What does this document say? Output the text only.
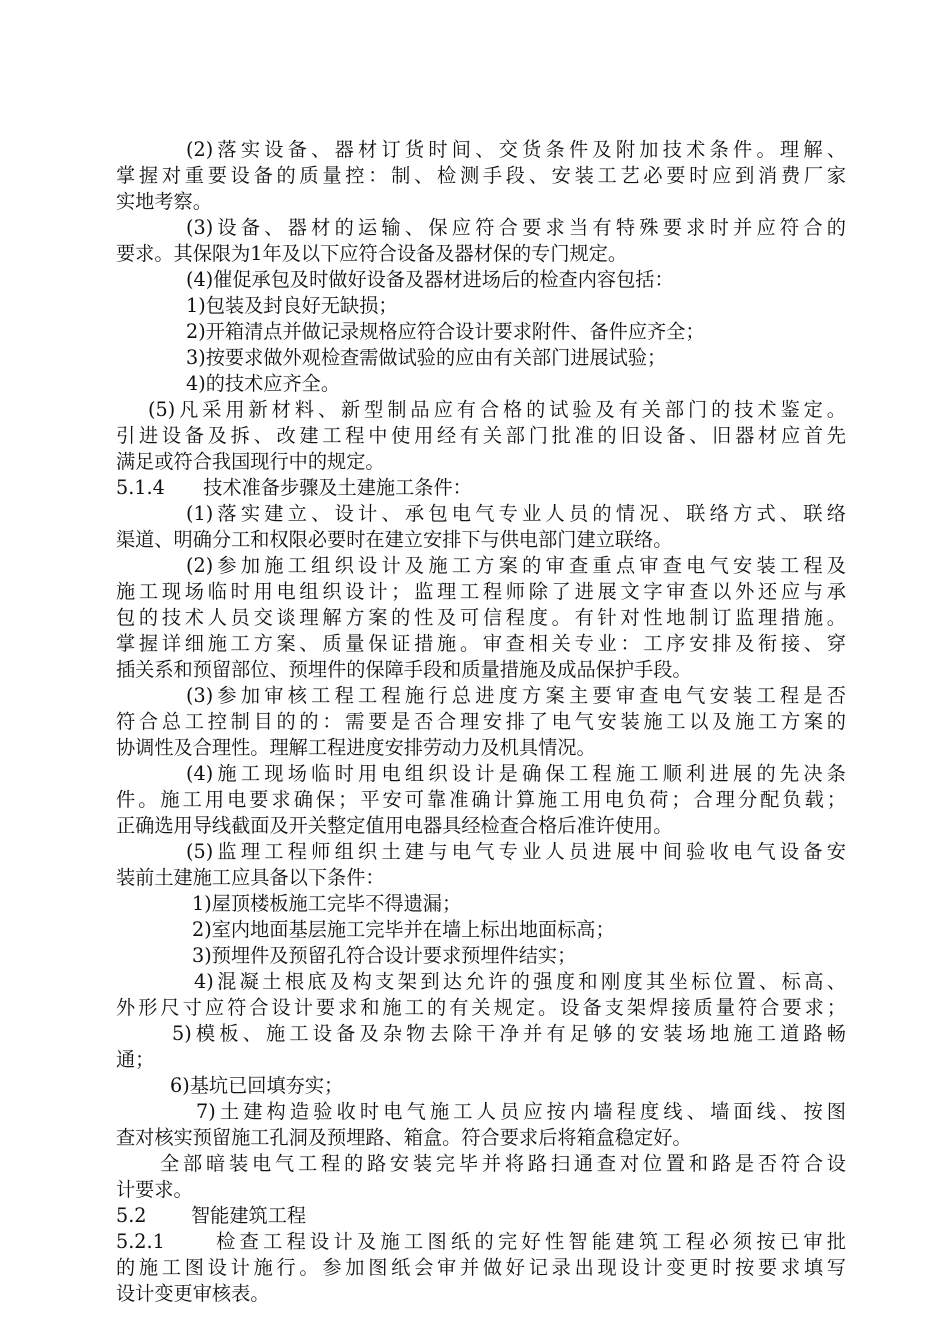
(2)落实设备、器材订货时间、交货条件及附加技术条件。理解、
掌握对重要设备的质量控：制、检测手段、安装工艺必要时应到消费厂家
实地考察。
(3)设备、器材的运输、保应符合要求当有特殊要求时并应符合的
要求。其保限为1年及以下应符合设备及器材保的专门规定。
(4)催促承包及时做好设备及器材进场后的检查内容包括：
1)包装及封良好无缺损；
2)开箱清点并做记录规格应符合设计要求附件、备件应齐全；
3)按要求做外观检查需做试验的应由有关部门进展试验；
4)的技术应齐全。
(5)凡采用新材料、新型制品应有合格的试验及有关部门的技术鉴定。
引进设备及拆、改建工程中使用经有关部门批准的旧设备、旧器材应首先
满足或符合我国现行中的规定。
5.1.4　　技术准备步骤及土建施工条件：
(1)落实建立、设计、承包电气专业人员的情况、联络方式、联络
渠道、明确分工和权限必要时在建立安排下与供电部门建立联络。
(2)参加施工组织设计及施工方案的审查重点审查电气安装工程及
施工现场临时用电组织设计；监理工程师除了进展文字审查以外还应与承
包的技术人员交谈理解方案的性及可信程度。有针对性地制订监理措施。
掌握详细施工方案、质量保证措施。审查相关专业：工序安排及衔接、穿
插关系和预留部位、预埋件的保障手段和质量措施及成品保护手段。
(3)参加审核工程工程施行总进度方案主要审查电气安装工程是否
符合总工控制目的的：需要是否合理安排了电气安装施工以及施工方案的
协调性及合理性。理解工程进度安排劳动力及机具情况。
(4)施工现场临时用电组织设计是确保工程施工顺利进展的先决条
件。施工用电要求确保；平安可靠准确计算施工用电负荷；合理分配负载；
正确选用导线截面及开关整定值用电器具经检查合格后准许使用。
(5)监理工程师组织土建与电气专业人员进展中间验收电气设备安
装前土建施工应具备以下条件：
1)屋顶楼板施工完毕不得遗漏；
2)室内地面基层施工完毕并在墙上标出地面标高；
3)预埋件及预留孔符合设计要求预埋件结实；
4)混凝土根底及构支架到达允许的强度和刚度其坐标位置、标高、
外形尺寸应符合设计要求和施工的有关规定。设备支架焊接质量符合要求；
5)模板、施工设备及杂物去除干净并有足够的安装场地施工道路畅
通；
6)基坑已回填夯实；
7)土建构造验收时电气施工人员应按内墙程度线、墙面线、按图
查对核实预留施工孔洞及预埋路、箱盒。符合要求后将箱盒稳定好。
全部暗装电气工程的路安装完毕并将路扫通查对位置和路是否符合设
计要求。
5.2　　 智能建筑工程
5.2.1　　检查工程设计及施工图纸的完好性智能建筑工程必须按已审批
的施工图设计施行。参加图纸会审并做好记录出现设计变更时按要求填写
设计变更审核表。
